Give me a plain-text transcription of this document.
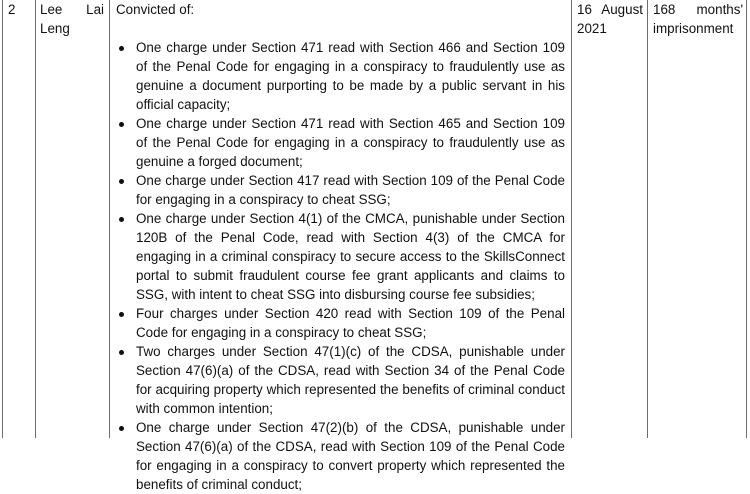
2	Lee Lai
Leng

Convicted of:

One charge under Section 471 read with Section 466 and Section 109 of the Penal Code for engaging in a conspiracy to fraudulently use as genuine a document purporting to be made by a public servant in his official capacity;
One charge under Section 471 read with Section 465 and Section 109 of the Penal Code for engaging in a conspiracy to fraudulently use as genuine a forged document;
One charge under Section 417 read with Section 109 of the Penal Code for engaging in a conspiracy to cheat SSG;
One charge under Section 4(1) of the CMCA, punishable under Section 120B of the Penal Code, read with Section 4(3) of the CMCA for engaging in a criminal conspiracy to secure access to the SkillsConnect portal to submit fraudulent course fee grant applicants and claims to SSG, with intent to cheat SSG into disbursing course fee subsidies;
Four charges under Section 420 read with Section 109 of the Penal Code for engaging in a conspiracy to cheat SSG;
Two charges under Section 47(1)(c) of the CDSA, punishable under Section 47(6)(a) of the CDSA, read with Section 34 of the Penal Code for acquiring property which represented the benefits of criminal conduct with common intention;
One charge under Section 47(2)(b) of the CDSA, punishable under Section 47(6)(a) of the CDSA, read with Section 109 of the Penal Code for engaging in a conspiracy to convert property which represented the benefits of criminal conduct;
16 August
2021
168 months'
imprisonment
